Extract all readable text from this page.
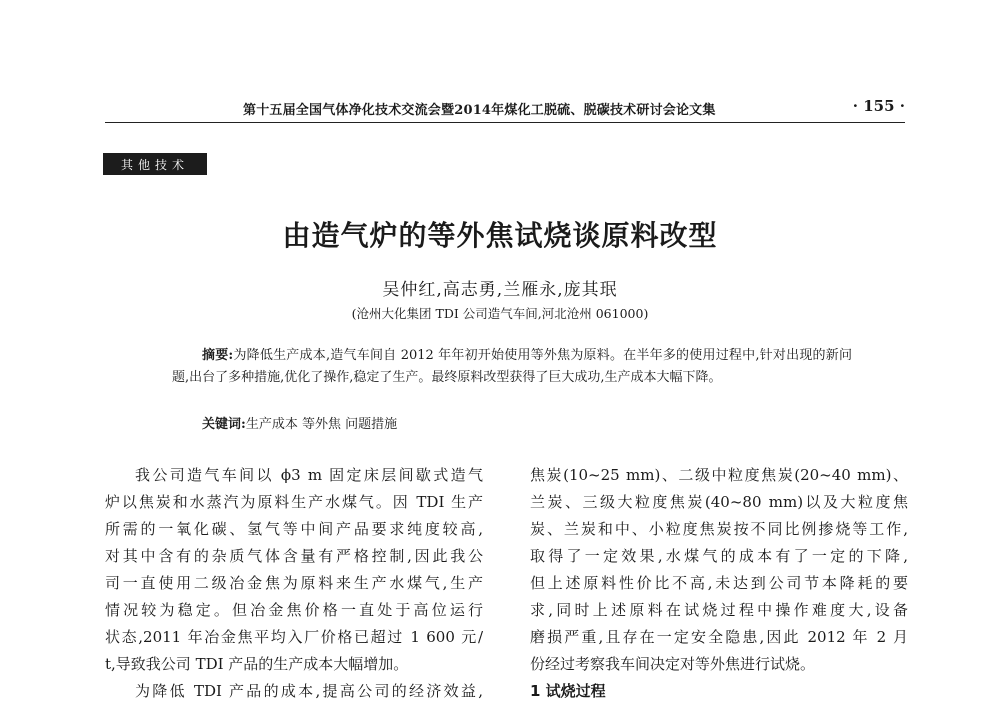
第十五届全国气体净化技术交流会暨2014年煤化工脱硫、脱碳技术研讨会论文集	· 155 ·
其他技术
由造气炉的等外焦试烧谈原料改型
吴仲红,高志勇,兰雁永,庞其珉
(沧州大化集团 TDI 公司造气车间,河北沧州 061000)

摘要:为降低生产成本,造气车间自 2012 年年初开始使用等外焦为原料。在半年多的使用过程中,针对出现的新问题,出台了多种措施,优化了操作,稳定了生产。最终原料改型获得了巨大成功,生产成本大幅下降。

关键词:生产成本 等外焦 问题措施

我公司造气车间以 ϕ3 m 固定床层间歇式造气

炉以焦炭和水蒸汽为原料生产水煤气。因 TDI 生产

所需的一氧化碳、氢气等中间产品要求纯度较高,

对其中含有的杂质气体含量有严格控制,因此我公

司一直使用二级冶金焦为原料来生产水煤气,生产

情况较为稳定。但冶金焦价格一直处于高位运行

状态,2011 年冶金焦平均入厂价格已超过 1 600 元/

t,导致我公司 TDI 产品的生产成本大幅增加。

为降低 TDI 产品的成本,提高公司的经济效益,

焦炭(10~25 mm)、二级中粒度焦炭(20~40 mm)、

兰炭、三级大粒度焦炭(40~80 mm)以及大粒度焦

炭、兰炭和中、小粒度焦炭按不同比例掺烧等工作,

取得了一定效果,水煤气的成本有了一定的下降,

但上述原料性价比不高,未达到公司节本降耗的要

求,同时上述原料在试烧过程中操作难度大,设备

磨损严重,且存在一定安全隐患,因此 2012 年 2 月

份经过考察我车间决定对等外焦进行试烧。

1 试烧过程
